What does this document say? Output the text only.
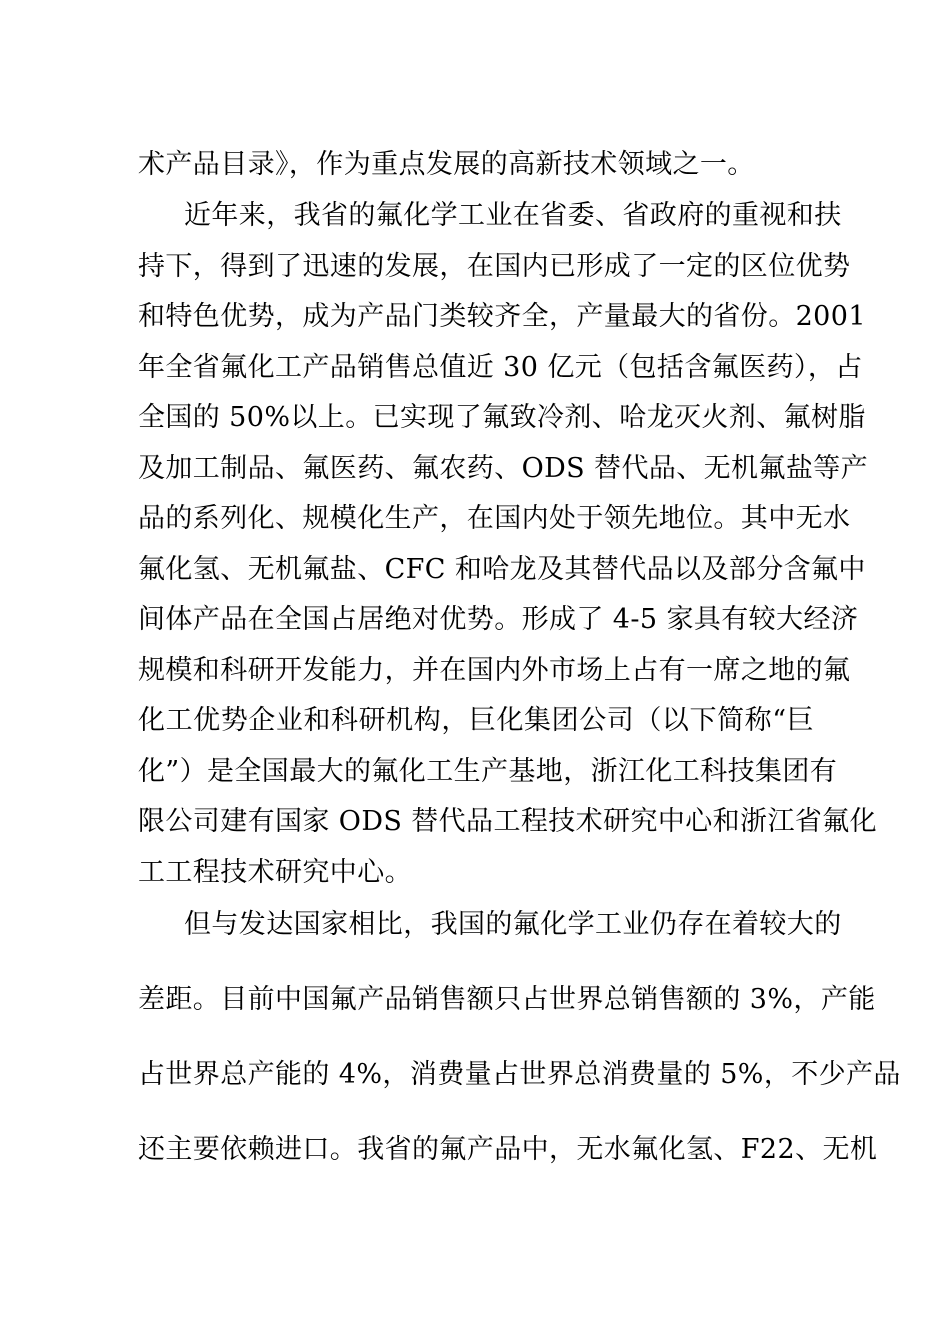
术产品目录》，作为重点发展的高新技术领域之一。
近年来，我省的氟化学工业在省委、省政府的重视和扶
持下，得到了迅速的发展，在国内已形成了一定的区位优势
和特色优势，成为产品门类较齐全，产量最大的省份。2001
年全省氟化工产品销售总值近 30 亿元（包括含氟医药），占
全国的 50%以上。已实现了氟致冷剂、哈龙灭火剂、氟树脂
及加工制品、氟医药、氟农药、ODS 替代品、无机氟盐等产
品的系列化、规模化生产，在国内处于领先地位。其中无水
氟化氢、无机氟盐、CFC 和哈龙及其替代品以及部分含氟中
间体产品在全国占居绝对优势。形成了 4-5 家具有较大经济
规模和科研开发能力，并在国内外市场上占有一席之地的氟
化工优势企业和科研机构，巨化集团公司（以下简称“巨
化”）是全国最大的氟化工生产基地，浙江化工科技集团有
限公司建有国家 ODS 替代品工程技术研究中心和浙江省氟化
工工程技术研究中心。
但与发达国家相比，我国的氟化学工业仍存在着较大的
差距。目前中国氟产品销售额只占世界总销售额的 3%，产能
占世界总产能的 4%，消费量占世界总消费量的 5%，不少产品
还主要依赖进口。我省的氟产品中，无水氟化氢、F22、无机
